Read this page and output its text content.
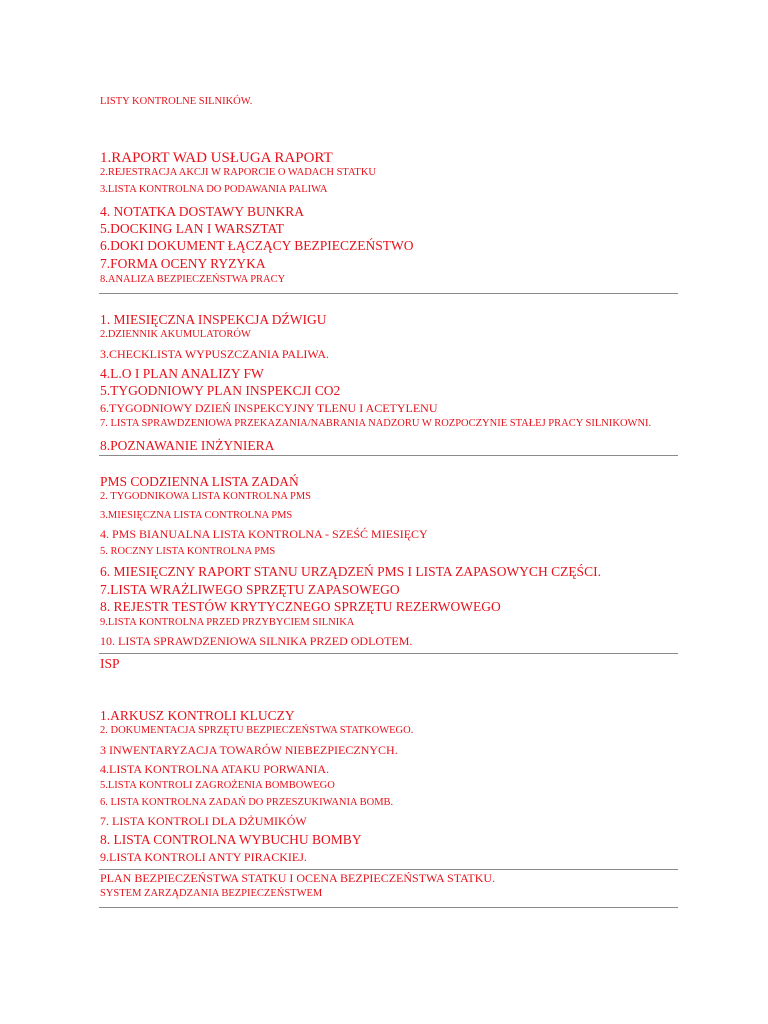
LISTY KONTROLNE SILNIKÓW.
1.RAPORT WAD USŁUGA RAPORT
2.REJESTRACJA AKCJI W RAPORCIE O WADACH STATKU
3.LISTA KONTROLNA DO PODAWANIA PALIWA
4. NOTATKA DOSTAWY BUNKRA
5.DOCKING LAN I WARSZTAT
6.DOKI DOKUMENT ŁĄCZĄCY BEZPIECZEŃSTWO
7.FORMA OCENY RYZYKA
8.ANALIZA BEZPIECZEŃSTWA PRACY
1. MIESIĘCZNA INSPEKCJA DŹWIGU
2.DZIENNIK AKUMULATORÓW
3.CHECKLISTA WYPUSZCZANIA PALIWA.
4.L.O I PLAN ANALIZY FW
5.TYGODNIOWY PLAN INSPEKCJI CO2
6.TYGODNIOWY DZIEŃ INSPEKCYJNY TLENU I ACETYLENU
7. LISTA SPRAWDZENIOWA PRZEKAZANIA/NABRANIA NADZORU W ROZPOCZYNIE STAŁEJ PRACY SILNIKOWNI.
8.POZNAWANIE INŻYNIERA
PMS CODZIENNA LISTA ZADAŃ
2. TYGODNIKOWA LISTA KONTROLNA PMS
3.MIESIĘCZNA LISTA CONTROLNA PMS
4. PMS BIANUALNA LISTA KONTROLNA - SZEŚĆ MIESIĘCY
5. ROCZNY LISTA KONTROLNA PMS
6. MIESIĘCZNY RAPORT STANU URZĄDZEŃ PMS I LISTA ZAPASOWYCH CZĘŚCI.
7.LISTA WRAŻLIWEGO SPRZĘTU ZAPASOWEGO
8. REJESTR TESTÓW KRYTYCZNEGO SPRZĘTU REZERWOWEGO
9.LISTA KONTROLNA PRZED PRZYBYCIEM SILNIKA
10. LISTA SPRAWDZENIOWA SILNIKA PRZED ODLOTEM.
ISP
1.ARKUSZ KONTROLI KLUCZY
2. DOKUMENTACJA SPRZĘTU BEZPIECZEŃSTWA STATKOWEGO.
3 INWENTARYZACJA TOWARÓW NIEBEZPIECZNYCH.
4.LISTA KONTROLNA ATAKU PORWANIA.
5.LISTA KONTROLI ZAGROŻENIA BOMBOWEGO
6. LISTA KONTROLNA ZADAŃ DO PRZESZUKIWANIA BOMB.
7. LISTA KONTROLI DLA DŻUMIKÓW
8. LISTA CONTROLNA WYBUCHU BOMBY
9.LISTA KONTROLI ANTY PIRACKIEJ.
PLAN BEZPIECZEŃSTWA STATKU I OCENA BEZPIECZEŃSTWA STATKU.
SYSTEM ZARZĄDZANIA BEZPIECZEŃSTWEM
